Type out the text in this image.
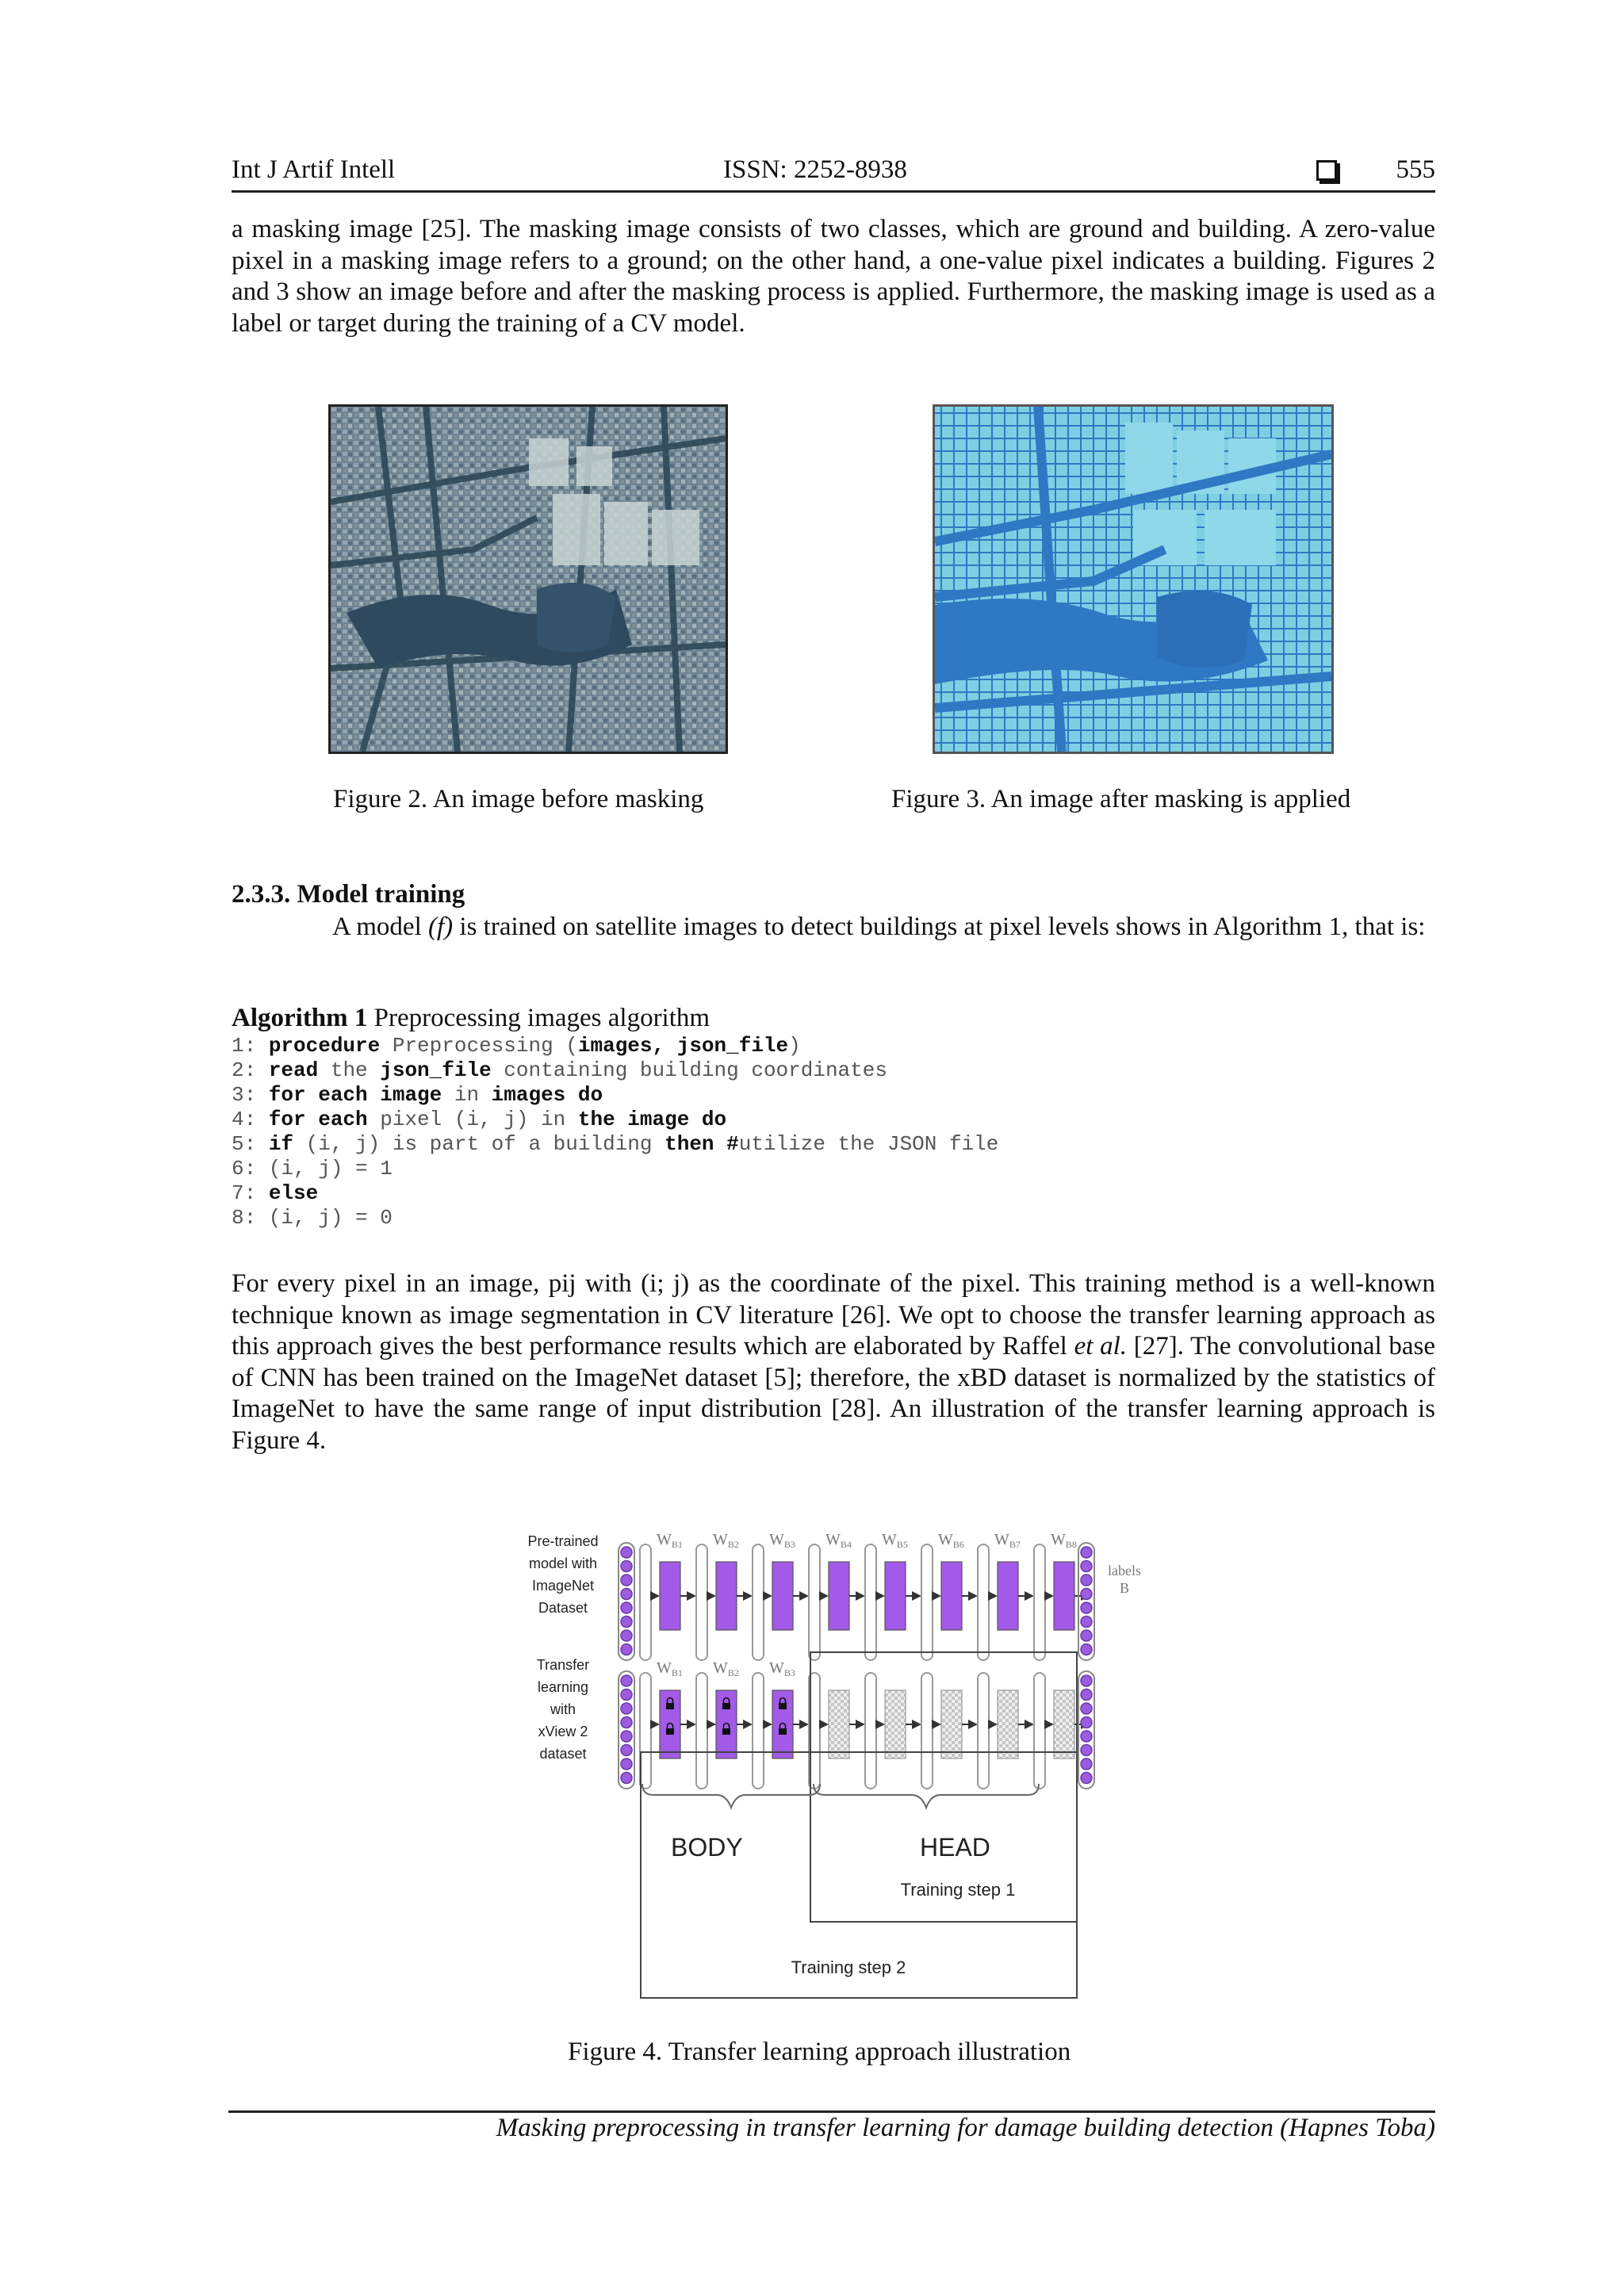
Int J Artif Intell	ISSN: 2252-8938	555
a masking image [25]. The masking image consists of two classes, which are ground and building. A zero-value pixel in a masking image refers to a ground; on the other hand, a one-value pixel indicates a building. Figures 2 and 3 show an image before and after the masking process is applied. Furthermore, the masking image is used as a label or target during the training of a CV model.
Figure 2. An image before masking	Figure 3. An image after masking is applied
2.3.3. Model training
A model (f) is trained on satellite images to detect buildings at pixel levels shows in Algorithm 1, that is:
Algorithm 1 Preprocessing images algorithm
1: procedure Preprocessing (images, json_file)
2: read the json_file containing building coordinates
3: for each image in images do
4: for each pixel (i, j) in the image do
5: if (i, j) is part of a building then #utilize the JSON file
6: (i, j) = 1
7: else
8: (i, j) = 0
For every pixel in an image, pij with (i; j) as the coordinate of the pixel. This training method is a well-known technique known as image segmentation in CV literature [26]. We opt to choose the transfer learning approach as this approach gives the best performance results which are elaborated by Raffel et al. [27]. The convolutional base of CNN has been trained on the ImageNet dataset [5]; therefore, the xBD dataset is normalized by the statistics of ImageNet to have the same range of input distribution [28]. An illustration of the transfer learning approach is Figure 4.
Pre-trained
model with
ImageNet
Dataset
Transfer
learning
with
xView 2
dataset
$W_{B1}$ $W_{B2}$ $W_{B3}$ $W_{B4}$ $W_{B5}$ $W_{B6}$ $W_{B7}$ $W_{B8}$
$W_{B1}$ $W_{B2}$ $W_{B3}$
labels
B
BODY	HEAD
Training step 1
Training step 2
Figure 4. Transfer learning approach illustration
Masking preprocessing in transfer learning for damage building detection (Hapnes Toba)
